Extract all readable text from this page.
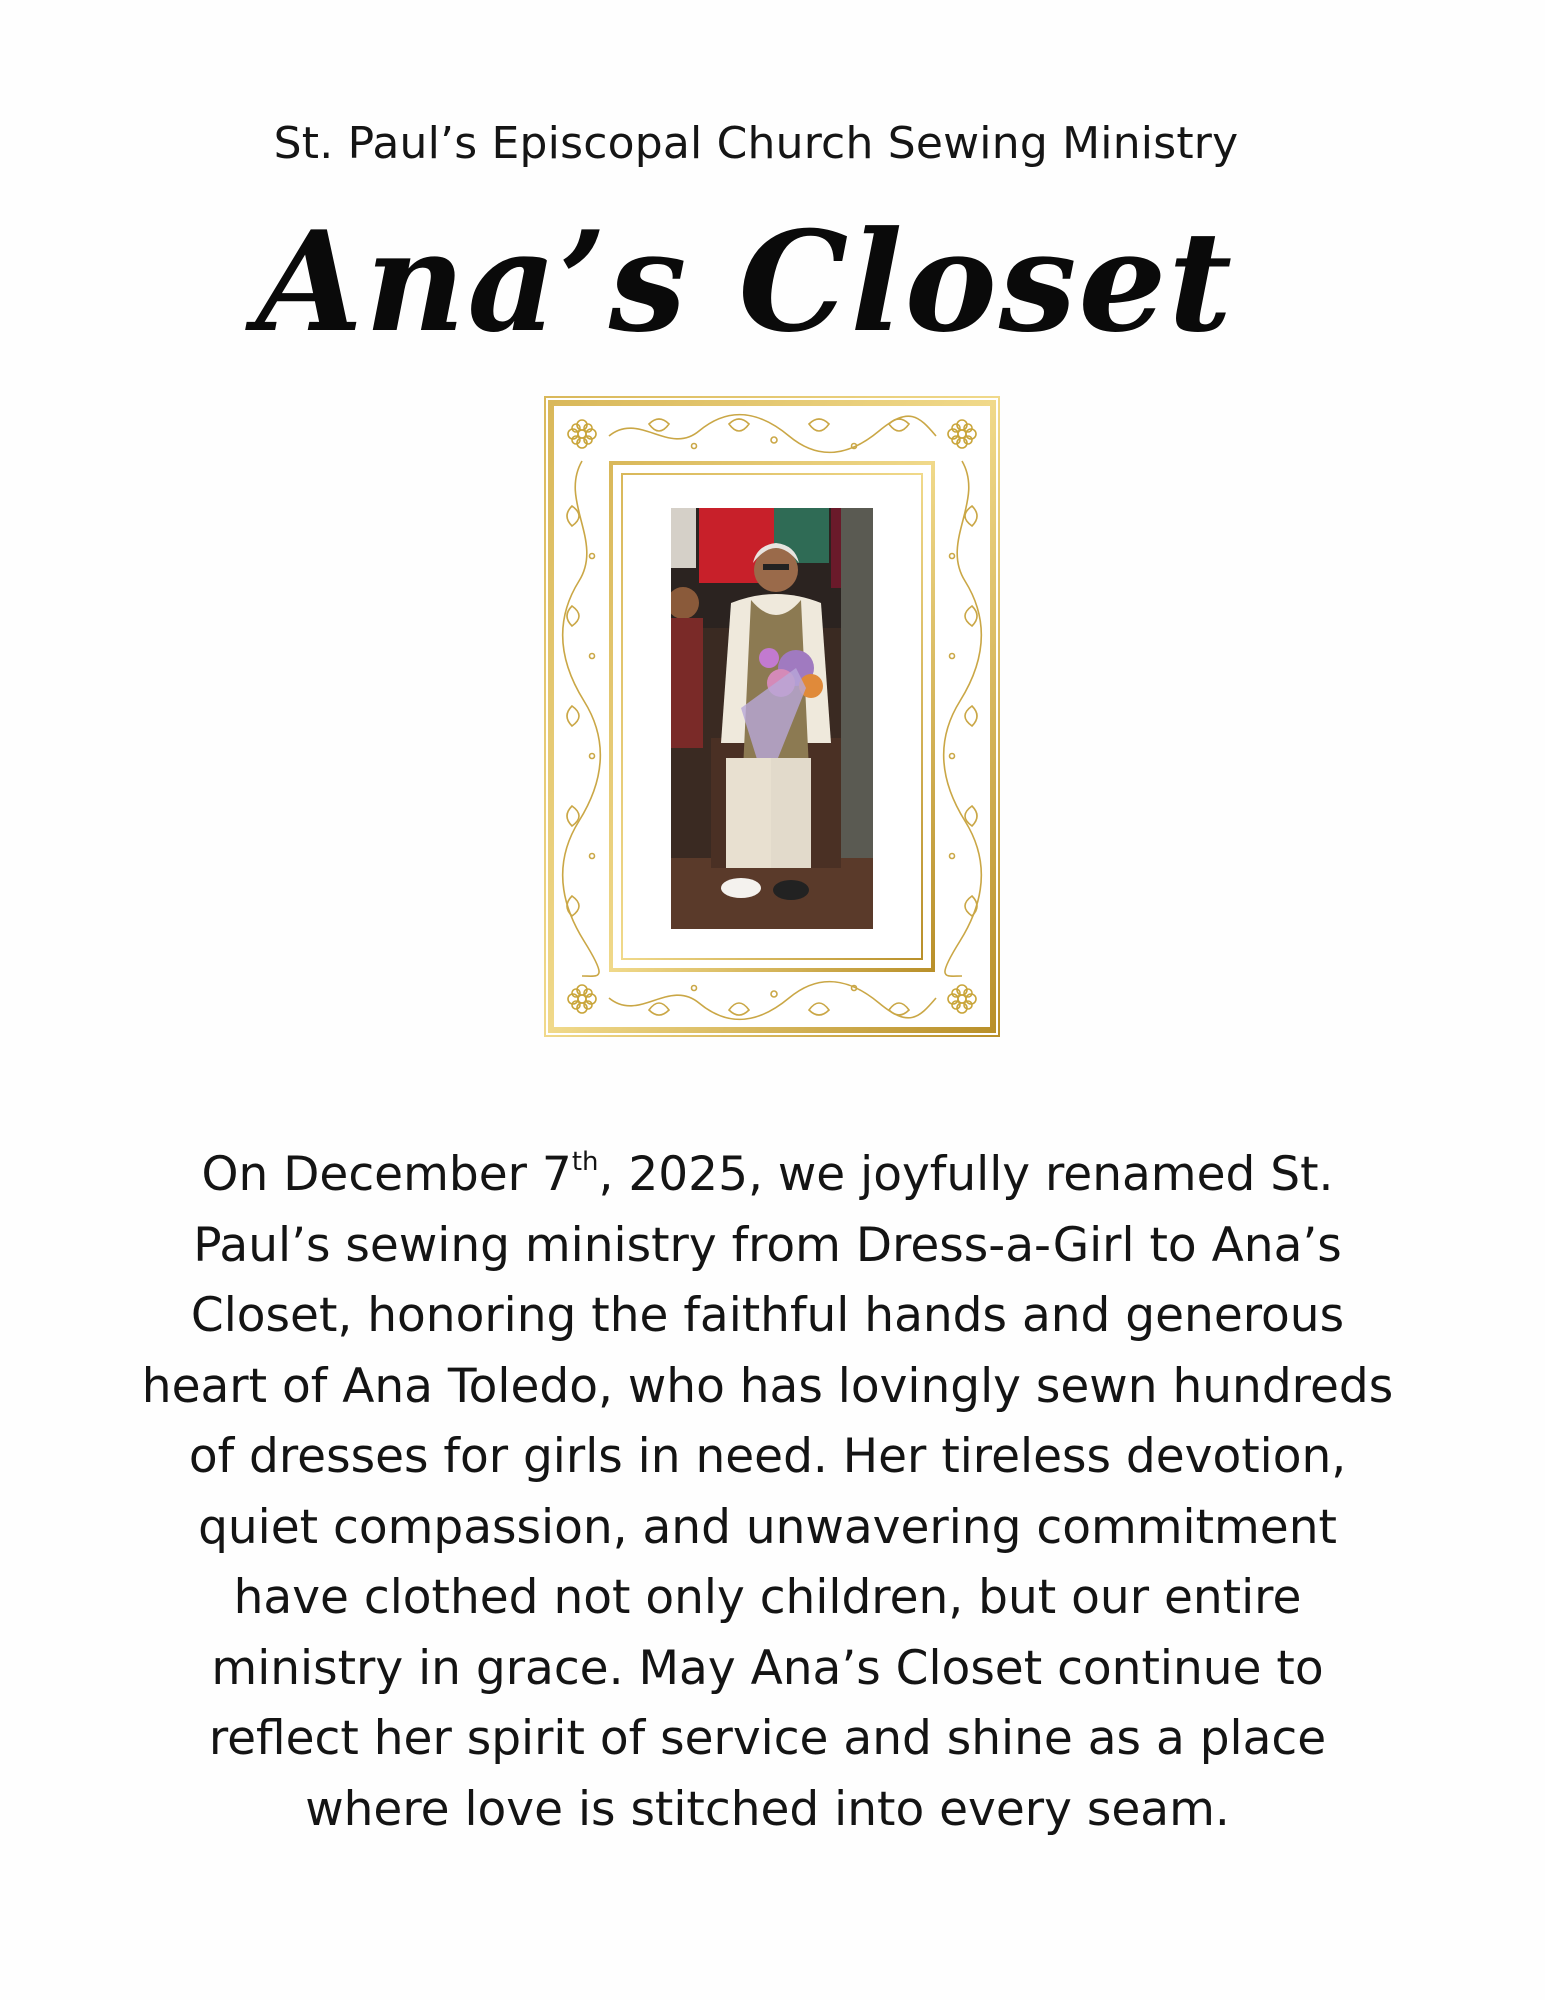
St. Paul’s Episcopal Church Sewing Ministry
Ana’s Closet
On December 7th, 2025, we joyfully renamed St. Paul’s sewing ministry from Dress-a-Girl to Ana’s Closet, honoring the faithful hands and generous heart of Ana Toledo, who has lovingly sewn hundreds of dresses for girls in need. Her tireless devotion, quiet compassion, and unwavering commitment have clothed not only children, but our entire ministry in grace. May Ana’s Closet continue to reflect her spirit of service and shine as a place where love is stitched into every seam.
